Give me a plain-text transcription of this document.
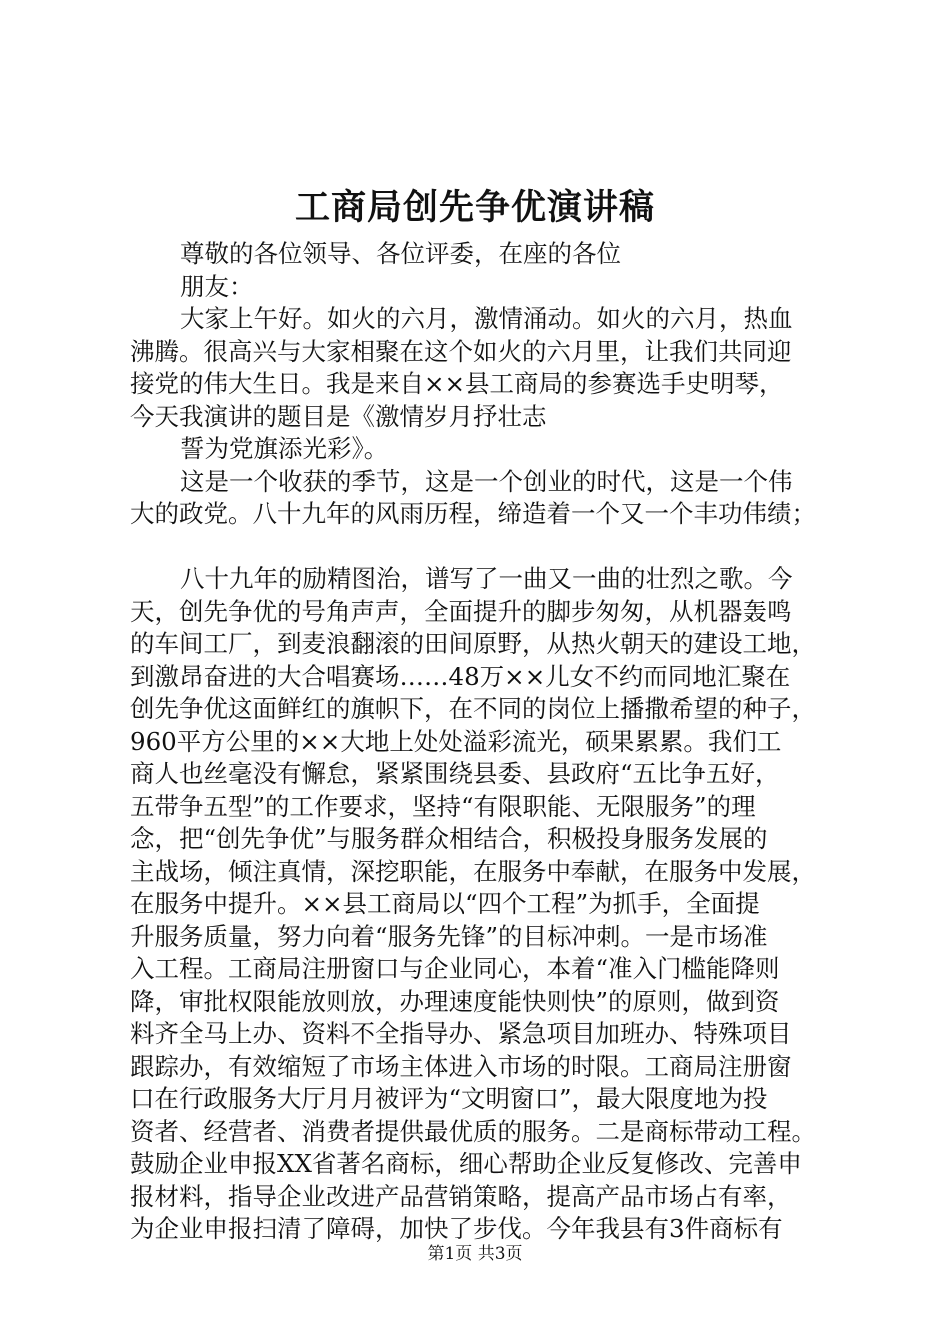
工商局创先争优演讲稿
尊敬的各位领导、各位评委，在座的各位
朋友：
大家上午好。如火的六月，激情涌动。如火的六月，热血
沸腾。很高兴与大家相聚在这个如火的六月里，让我们共同迎
接党的伟大生日。我是来自××县工商局的参赛选手史明琴，
今天我演讲的题目是《激情岁月抒壮志
誓为党旗添光彩》。
这是一个收获的季节，这是一个创业的时代，这是一个伟
大的政党。八十九年的风雨历程，缔造着一个又一个丰功伟绩；
八十九年的励精图治，谱写了一曲又一曲的壮烈之歌。今
天，创先争优的号角声声，全面提升的脚步匆匆，从机器轰鸣
的车间工厂，到麦浪翻滚的田间原野，从热火朝天的建设工地，
到激昂奋进的大合唱赛场……48万××儿女不约而同地汇聚在
创先争优这面鲜红的旗帜下，在不同的岗位上播撒希望的种子，
960平方公里的××大地上处处溢彩流光，硕果累累。我们工
商人也丝毫没有懈怠，紧紧围绕县委、县政府“五比争五好，
五带争五型”的工作要求，坚持“有限职能、无限服务”的理
念，把“创先争优”与服务群众相结合，积极投身服务发展的
主战场，倾注真情，深挖职能，在服务中奉献，在服务中发展，
在服务中提升。××县工商局以“四个工程”为抓手，全面提
升服务质量，努力向着“服务先锋”的目标冲刺。一是市场准
入工程。工商局注册窗口与企业同心，本着“准入门槛能降则
降，审批权限能放则放，办理速度能快则快”的原则，做到资
料齐全马上办、资料不全指导办、紧急项目加班办、特殊项目
跟踪办，有效缩短了市场主体进入市场的时限。工商局注册窗
口在行政服务大厅月月被评为“文明窗口”，最大限度地为投
资者、经营者、消费者提供最优质的服务。二是商标带动工程。
鼓励企业申报XX省著名商标，细心帮助企业反复修改、完善申
报材料，指导企业改进产品营销策略，提高产品市场占有率，
为企业申报扫清了障碍，加快了步伐。今年我县有3件商标有
第1页 共3页
